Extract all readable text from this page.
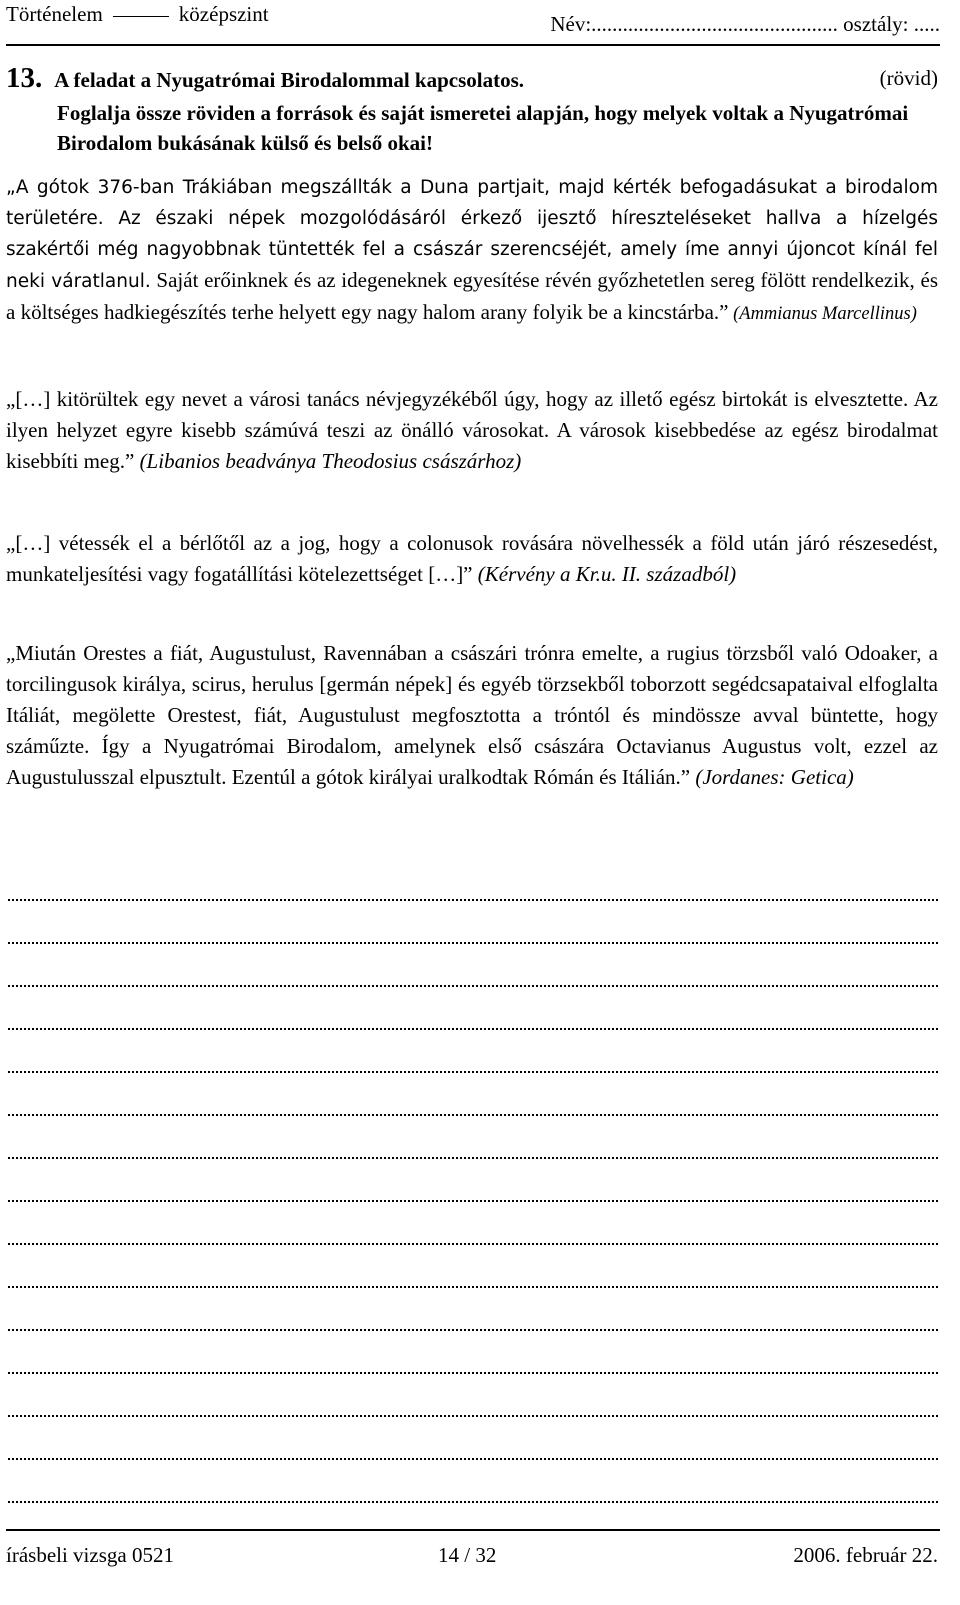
Történelem	középszint	Név:............................................... osztály: .....
13. A feladat a Nyugatrómai Birodalommal kapcsolatos.	(rövid)
Foglalja össze röviden a források és saját ismeretei alapján, hogy melyek voltak a Nyugatrómai Birodalom bukásának külső és belső okai!
„A gótok 376-ban Trákiában megszállták a Duna partjait, majd kérték befogadásukat a birodalom területére. Az északi népek mozgolódásáról érkező ijesztő híreszteléseket hallva a hízelgés szakértői még nagyobbnak tüntették fel a császár szerencséjét, amely íme annyi újoncot kínál fel neki váratlanul. Saját erőinknek és az idegeneknek egyesítése révén győzhetetlen sereg fölött rendelkezik, és a költséges hadkiegészítés terhe helyett egy nagy halom arany folyik be a kincstárba.” (Ammianus Marcellinus)
„[…] kitörültek egy nevet a városi tanács névjegyzékéből úgy, hogy az illető egész birtokát is elvesztette. Az ilyen helyzet egyre kisebb számúvá teszi az önálló városokat. A városok kisebbedése az egész birodalmat kisebbíti meg.” (Libanios beadványa Theodosius császárhoz)
„[…] vétessék el a bérlőtől az a jog, hogy a colonusok rovására növelhessék a föld után járó részesedést, munkateljesítési vagy fogatállítási kötelezettséget […]” (Kérvény a Kr.u. II. századból)
„Miután Orestes a fiát, Augustulust, Ravennában a császári trónra emelte, a rugius törzsből való Odoaker, a torcilingusok királya, scirus, herulus [germán népek] és egyéb törzsekből toborzott segédcsapataival elfoglalta Itáliát, megölette Orestest, fiát, Augustulust megfosztotta a tróntól és mindössze avval büntette, hogy száműzte. Így a Nyugatrómai Birodalom, amelynek első császára Octavianus Augustus volt, ezzel az Augustulusszal elpusztult. Ezentúl a gótok királyai uralkodtak Rómán és Itálián.” (Jordanes: Getica)
írásbeli vizsga 0521	14 / 32	2006. február 22.
